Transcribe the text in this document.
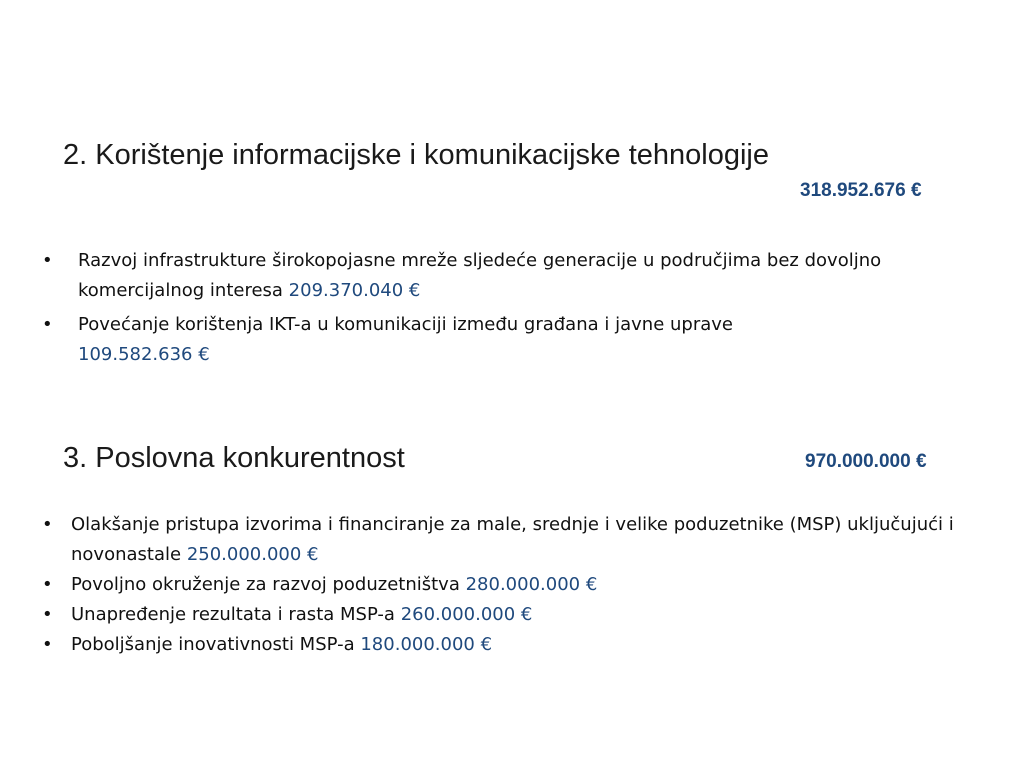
2. Korištenje informacijske i komunikacijske tehnologije
318.952.676 €
• Razvoj infrastrukture širokopojasne mreže sljedeće generacije u područjima bez dovoljno komercijalnog interesa 209.370.040 €
• Povećanje korištenja IKT-a u komunikaciji između građana i javne uprave
109.582.636 €
3. Poslovna konkurentnost	970.000.000 €
• Olakšanje pristupa izvorima i financiranje za male, srednje i velike poduzetnike (MSP) uključujući i novonastale 250.000.000 €
• Povoljno okruženje za razvoj poduzetništva 280.000.000 €
• Unapređenje rezultata i rasta MSP-a 260.000.000 €
• Poboljšanje inovativnosti MSP-a 180.000.000 €
